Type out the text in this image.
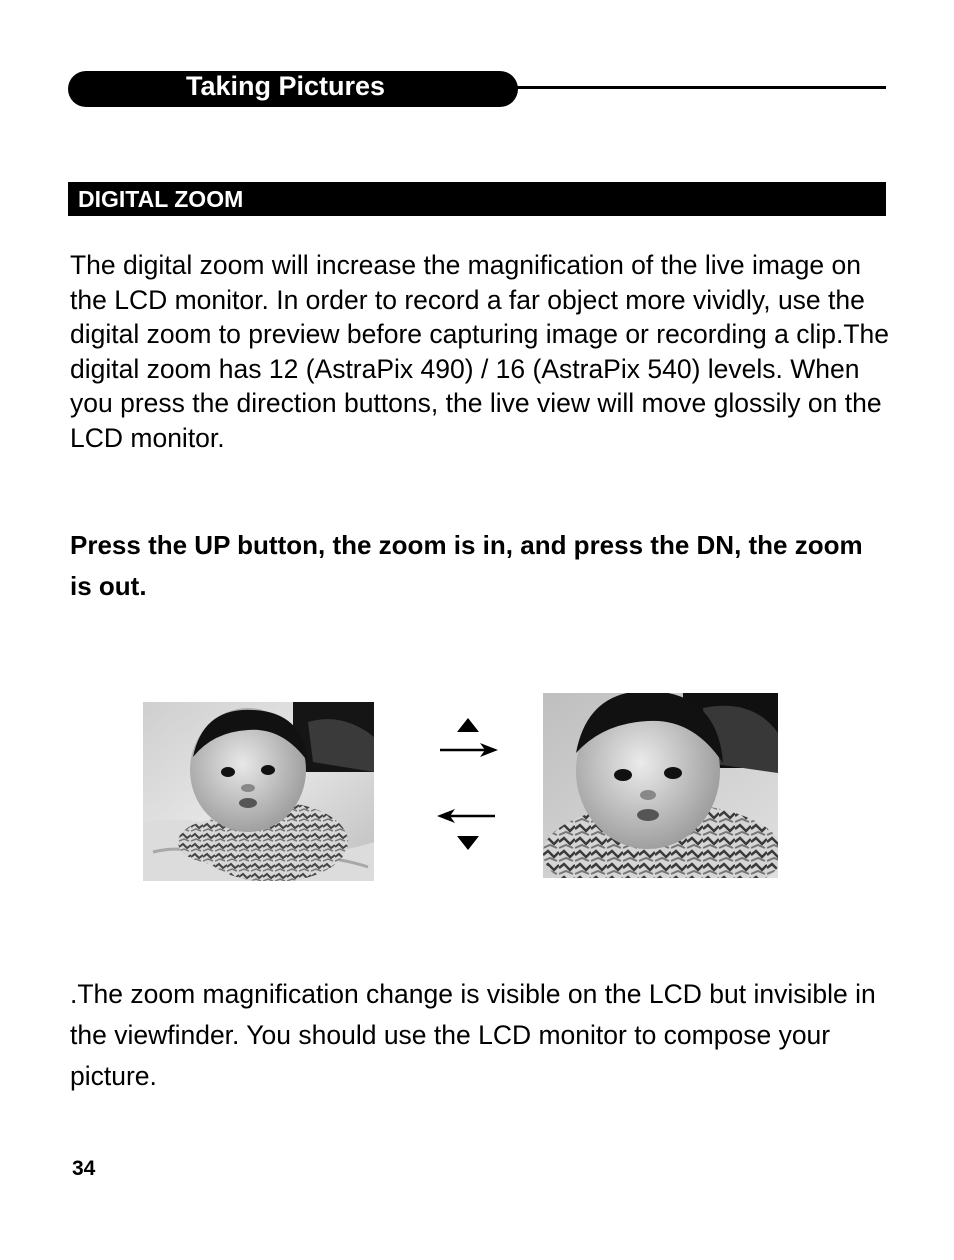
Taking Pictures
DIGITAL ZOOM
The digital zoom will increase the magnification of the live image on the LCD monitor. In order to record a far object more vividly, use the digital zoom to preview before capturing image or recording a clip.The digital zoom has 12 (AstraPix 490) / 16 (AstraPix 540) levels. When you press the direction buttons, the live view will move glossily on the LCD monitor.
Press the UP button, the zoom is in, and press the DN, the zoom is out.
.The zoom magnification change is visible on the LCD but invisible in the viewfinder. You should use the LCD monitor to compose your picture.
34
